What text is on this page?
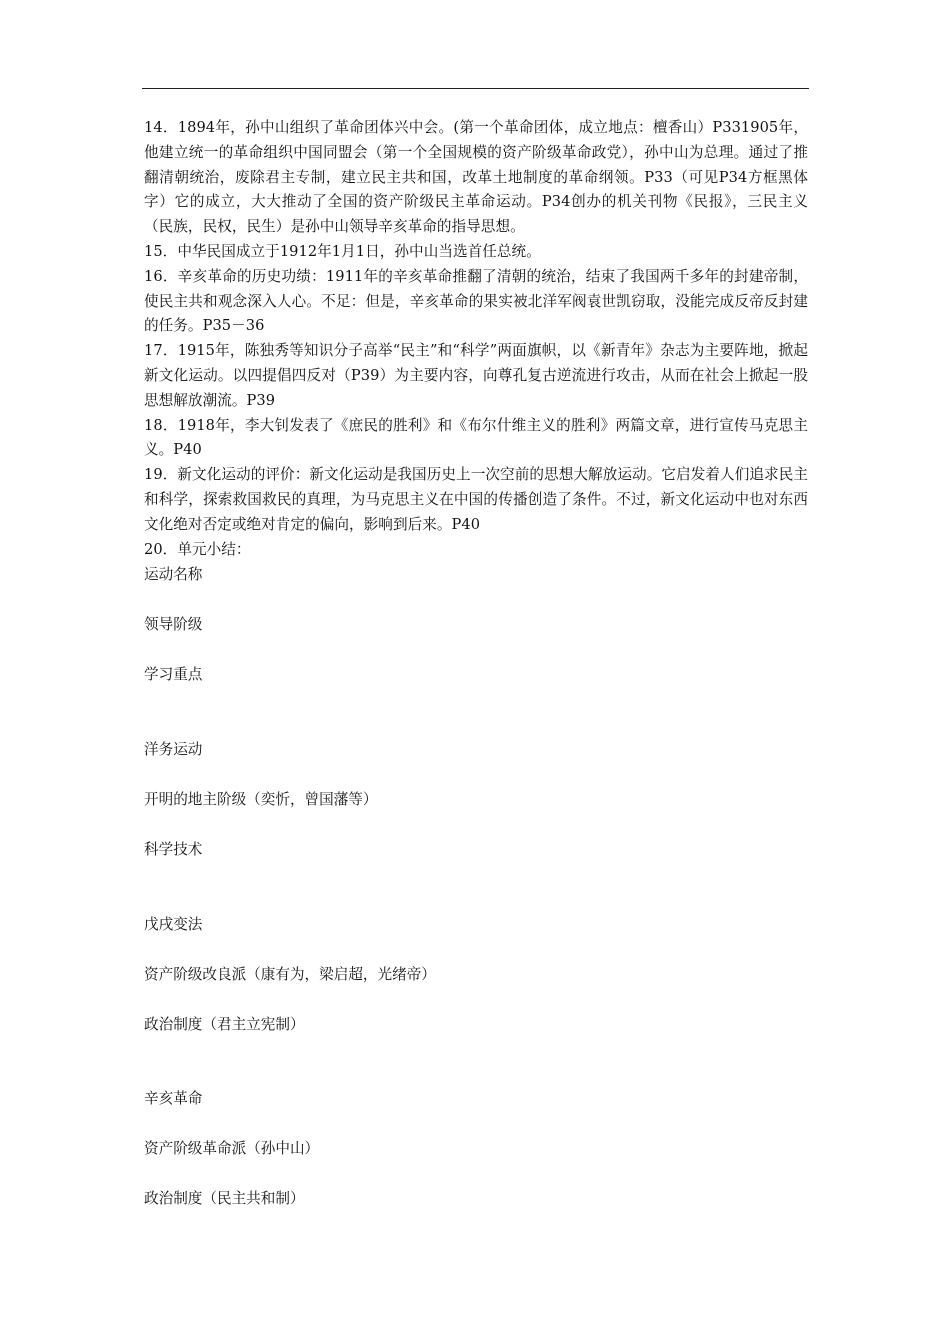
14．1894年，孙中山组织了革命团体兴中会。(第一个革命团体，成立地点：檀香山）P331905年，他建立统一的革命组织中国同盟会（第一个全国规模的资产阶级革命政党），孙中山为总理。通过了推翻清朝统治，废除君主专制，建立民主共和国，改革土地制度的革命纲领。P33（可见P34方框黑体字）它的成立，大大推动了全国的资产阶级民主革命运动。P34创办的机关刊物《民报》，三民主义（民族，民权，民生）是孙中山领导辛亥革命的指导思想。

15．中华民国成立于1912年1月1日，孙中山当选首任总统。

16．辛亥革命的历史功绩：1911年的辛亥革命推翻了清朝的统治，结束了我国两千多年的封建帝制，使民主共和观念深入人心。不足：但是，辛亥革命的果实被北洋军阀袁世凯窃取，没能完成反帝反封建的任务。P35－36

17．1915年，陈独秀等知识分子高举“民主”和“科学”两面旗帜，以《新青年》杂志为主要阵地，掀起新文化运动。以四提倡四反对（P39）为主要内容，向尊孔复古逆流进行攻击，从而在社会上掀起一股思想解放潮流。P39

18．1918年，李大钊发表了《庶民的胜利》和《布尔什维主义的胜利》两篇文章，进行宣传马克思主义。P40

19．新文化运动的评价：新文化运动是我国历史上一次空前的思想大解放运动。它启发着人们追求民主和科学，探索救国救民的真理，为马克思主义在中国的传播创造了条件。不过，新文化运动中也对东西文化绝对否定或绝对肯定的偏向，影响到后来。P40

20．单元小结：

运动名称
领导阶级
学习重点
洋务运动
开明的地主阶级（奕忻，曾国藩等）
科学技术
戊戌变法
资产阶级改良派（康有为，梁启超，光绪帝）
政治制度（君主立宪制）
辛亥革命
资产阶级革命派（孙中山）
政治制度（民主共和制）
